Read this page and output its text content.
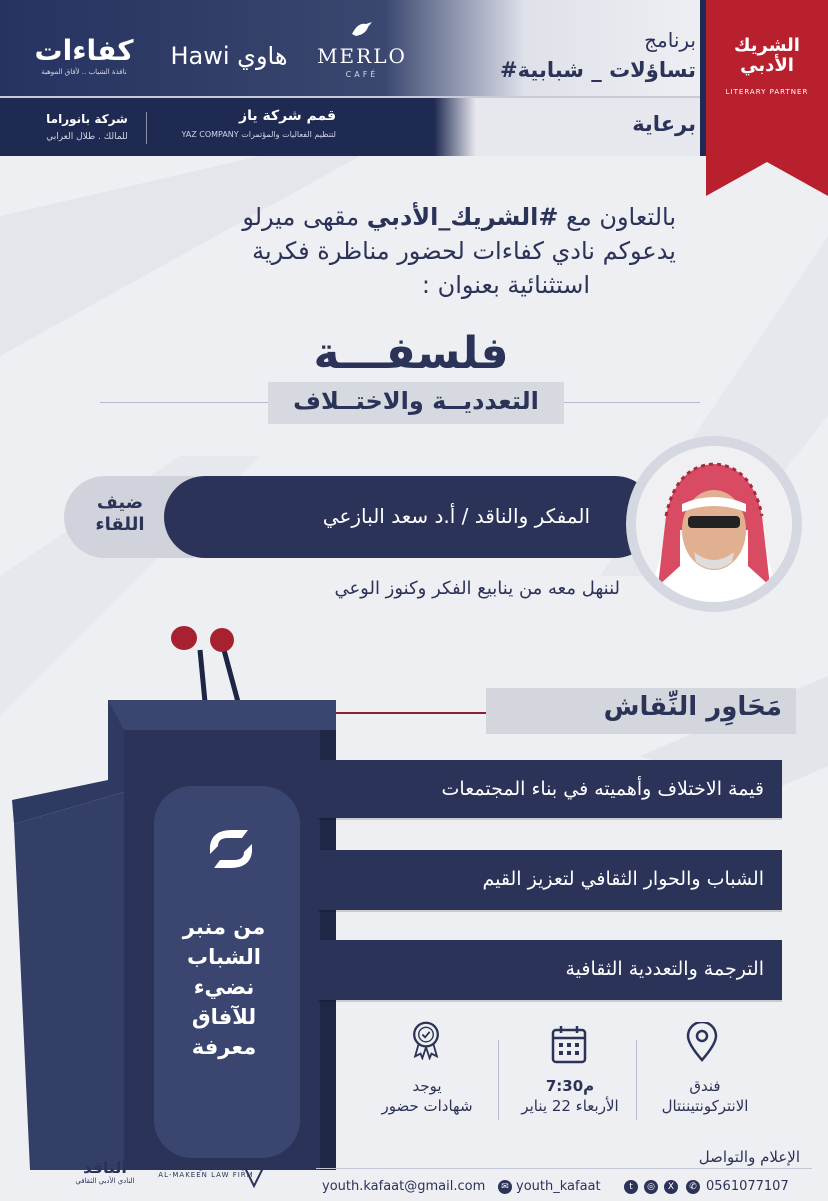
الشريك الأدبي
LITERARY PARTNER
برنامج
#تساؤلات _ شبابية
برعاية
كفاءات
نافذة الشباب .. لأفاق الموهبة
Hawi هاوي	MERLO
CAFÉ
قمم شركة ياز
YAZ COMPANY لتنظيم الفعاليات والمؤتمرات
شركة بانوراما
للمالك . طلال العرابي
بالتعاون مع #الشريك_الأدبي مقهى ميرلو
يدعوكم نادي كفاءات لحضور مناظرة فكرية
استثنائية بعنوان :
فلسفـــة
التعدديــة والاختــلاف
ضيف اللقاء	المفكر والناقد / أ.د سعد البازعي
لننهل معه من ينابيع الفكر وكنوز الوعي
من منبر
الشباب
نضيء
للآفاق
معرفة
مَحَاوِر النِّقاش
قيمة الاختلاف وأهميته في بناء المجتمعات
الشباب والحوار الثقافي لتعزيز القيم
الترجمة والتعددية الثقافية
فندق
الانتركونتيننتال
7:30م
الأربعاء 22 يناير
يوجد
شهادات حضور
الناقد
النادي الأدبي الثقافي
شركة المكين للمحاماة
AL-MAKEEN LAW FIRM
الإعلام والتواصل
0561077107
✆
X
◎
t
youth_kafaat
✉
youth.kafaat@gmail.com
